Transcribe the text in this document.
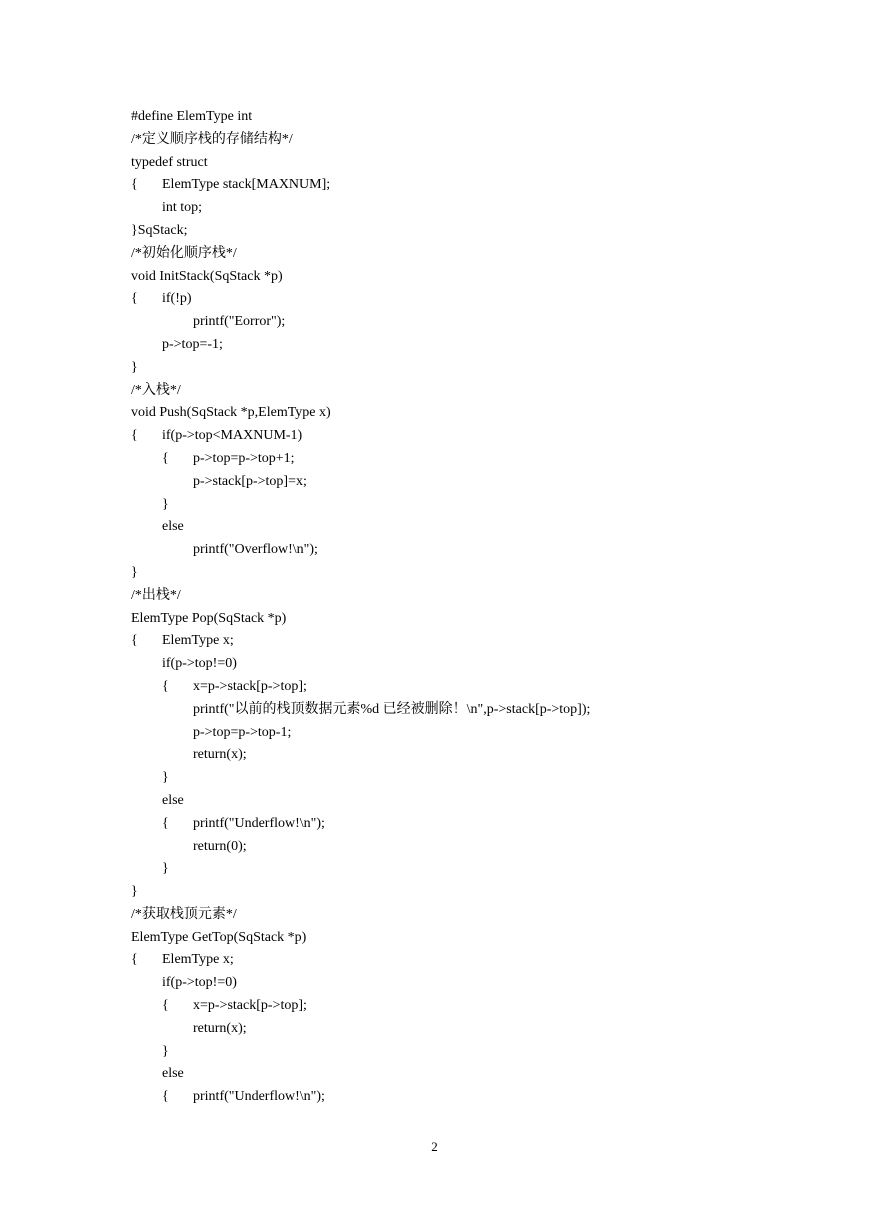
#define ElemType int
/*定义顺序栈的存储结构*/
typedef struct
{ ElemType stack[MAXNUM];
int top;
}SqStack;
/*初始化顺序栈*/
void InitStack(SqStack *p)
{ if(!p)
printf("Eorror");
p->top=-1;
}
/*入栈*/
void Push(SqStack *p,ElemType x)
{ if(p->top<MAXNUM-1)
{ p->top=p->top+1;
p->stack[p->top]=x;
}
else
printf("Overflow!\n");
}
/*出栈*/
ElemType Pop(SqStack *p)
{ ElemType x;
if(p->top!=0)
{ x=p->stack[p->top];
printf("以前的栈顶数据元素%d 已经被删除！\n",p->stack[p->top]);
p->top=p->top-1;
return(x);
}
else
{ printf("Underflow!\n");
return(0);
}
}
/*获取栈顶元素*/
ElemType GetTop(SqStack *p)
{ ElemType x;
if(p->top!=0)
{ x=p->stack[p->top];
return(x);
}
else
{ printf("Underflow!\n");
2
